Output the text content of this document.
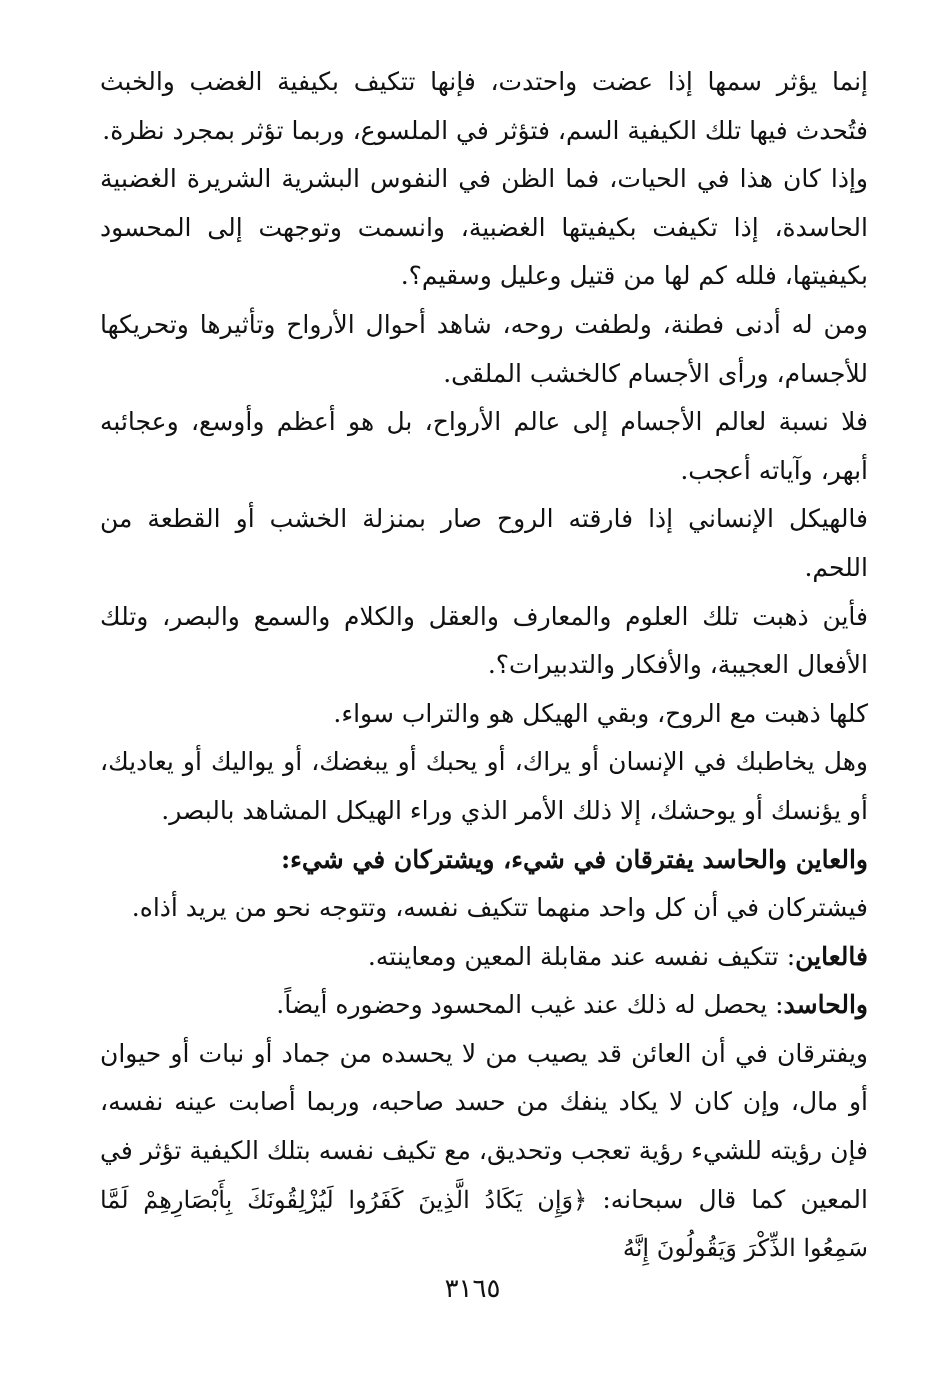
إنما يؤثر سمها إذا عضت واحتدت، فإنها تتكيف بكيفية الغضب والخبث فتُحدث فيها تلك الكيفية السم، فتؤثر في الملسوع، وربما تؤثر بمجرد نظرة.

وإذا كان هذا في الحيات، فما الظن في النفوس البشرية الشريرة الغضبية الحاسدة، إذا تكيفت بكيفيتها الغضبية، وانسمت وتوجهت إلى المحسود بكيفيتها، فلله كم لها من قتيل وعليل وسقيم؟.

ومن له أدنى فطنة، ولطفت روحه، شاهد أحوال الأرواح وتأثيرها وتحريكها للأجسام، ورأى الأجسام كالخشب الملقى.

فلا نسبة لعالم الأجسام إلى عالم الأرواح، بل هو أعظم وأوسع، وعجائبه أبهر، وآياته أعجب.

فالهيكل الإنساني إذا فارقته الروح صار بمنزلة الخشب أو القطعة من اللحم.

فأين ذهبت تلك العلوم والمعارف والعقل والكلام والسمع والبصر، وتلك الأفعال العجيبة، والأفكار والتدبيرات؟.

كلها ذهبت مع الروح، وبقي الهيكل هو والتراب سواء.

وهل يخاطبك في الإنسان أو يراك، أو يحبك أو يبغضك، أو يواليك أو يعاديك، أو يؤنسك أو يوحشك، إلا ذلك الأمر الذي وراء الهيكل المشاهد بالبصر.

والعاين والحاسد يفترقان في شيء، ويشتركان في شيء:

فيشتركان في أن كل واحد منهما تتكيف نفسه، وتتوجه نحو من يريد أذاه.

فالعاين: تتكيف نفسه عند مقابلة المعين ومعاينته.

والحاسد: يحصل له ذلك عند غيب المحسود وحضوره أيضاً.

ويفترقان في أن العائن قد يصيب من لا يحسده من جماد أو نبات أو حيوان أو مال، وإن كان لا يكاد ينفك من حسد صاحبه، وربما أصابت عينه نفسه، فإن رؤيته للشيء رؤية تعجب وتحديق، مع تكيف نفسه بتلك الكيفية تؤثر في المعين كما قال سبحانه: ﴿وَإِن يَكَادُ الَّذِينَ كَفَرُوا لَيُزْلِقُونَكَ بِأَبْصَارِهِمْ لَمَّا سَمِعُوا الذِّكْرَ وَيَقُولُونَ إِنَّهُ

٣١٦٥
